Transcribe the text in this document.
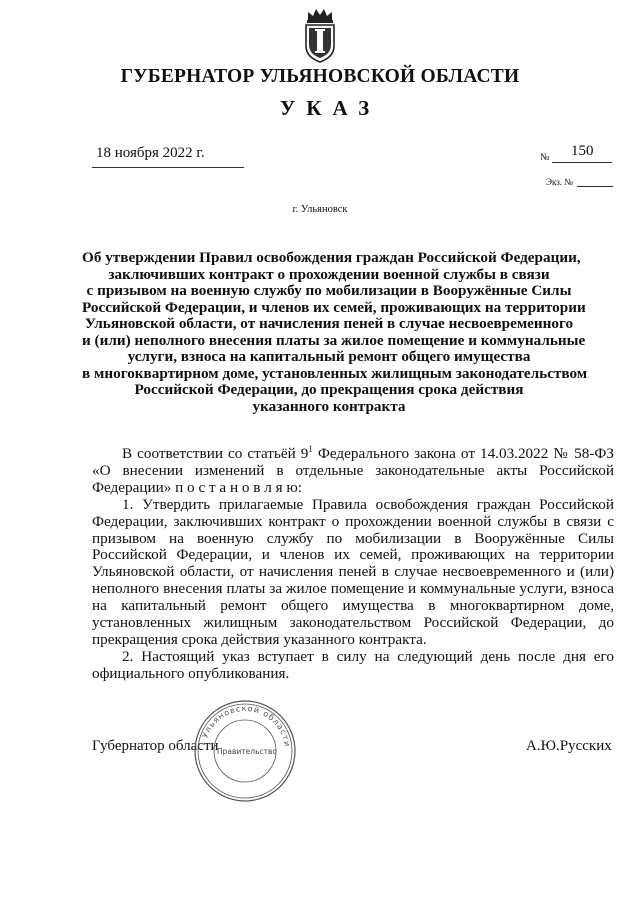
ГУБЕРНАТОР УЛЬЯНОВСКОЙ ОБЛАСТИ
УКАЗ
18 ноября 2022 г.	№ 150
Экз. №
г. Ульяновск
Об утверждении Правил освобождения граждан Российской Федерации,
заключивших контракт о прохождении военной службы в связи
с призывом на военную службу по мобилизации в Вооружённые Силы
Российской Федерации, и членов их семей, проживающих на территории
Ульяновской области, от начисления пеней в случае несвоевременного
и (или) неполного внесения платы за жилое помещение и коммунальные
услуги, взноса на капитальный ремонт общего имущества
в многоквартирном доме, установленных жилищным законодательством
Российской Федерации, до прекращения срока действия
указанного контракта

В соответствии со статьёй $9^1$ Федерального закона от 14.03.2022 № 58-ФЗ «О внесении изменений в отдельные законодательные акты Российской Федерации» п о с т а н о в л я ю:

1. Утвердить прилагаемые Правила освобождения граждан Российской Федерации, заключивших контракт о прохождении военной службы в связи с призывом на военную службу по мобилизации в Вооружённые Силы Российской Федерации, и членов их семей, проживающих на территории Ульяновской области, от начисления пеней в случае несвоевременного и (или) неполного внесения платы за жилое помещение и коммунальные услуги, взноса на капитальный ремонт общего имущества в многоквартирном доме, установленных жилищным законодательством Российской Федерации, до прекращения срока действия указанного контракта.

2. Настоящий указ вступает в силу на следующий день после дня его официального опубликования.

Губернатор области
Ульяновской области
Правительство	А.Ю.Русских
